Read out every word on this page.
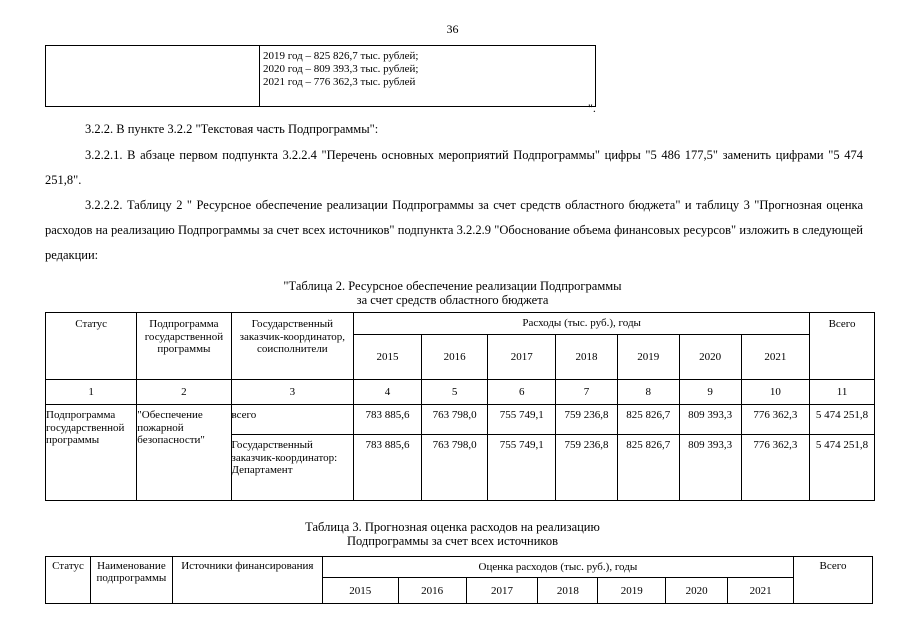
36

2019 год – 825 826,7 тыс. рублей;
2020 год – 809 393,3 тыс. рублей;
2021 год – 776 362,3 тыс. рублей
".
3.2.2. В пункте 3.2.2 "Текстовая часть Подпрограммы":
3.2.2.1. В абзаце первом подпункта 3.2.2.4 "Перечень основных мероприятий Подпрограммы" цифры "5 486 177,5" заменить цифрами "5 474 251,8".
3.2.2.2. Таблицу 2 " Ресурсное обеспечение реализации Подпрограммы за счет средств областного бюджета" и таблицу 3 "Прогнозная оценка расходов на реализацию Подпрограммы за счет всех источников" подпункта 3.2.2.9 "Обоснование объема финансовых ресурсов" изложить в следующей редакции:
"Таблица 2. Ресурсное обеспечение реализации Подпрограммы
за счет средств областного бюджета
Статус	Подпрограмма государственной программы	Государственный заказчик-координатор, соисполнители	Расходы (тыс. руб.), годы							Всего
			2015	2016	2017	2018	2019	2020	2021	
1	2	3	4	5	6	7	8	9	10	11
Подпрограмма государственной программы	"Обеспечение пожарной безопасности"	всего	783 885,6	763 798,0	755 749,1	759 236,8	825 826,7	809 393,3	776 362,3	5 474 251,8
		Государственный заказчик-координатор: Департамент	783 885,6	763 798,0	755 749,1	759 236,8	825 826,7	809 393,3	776 362,3	5 474 251,8
Таблица 3. Прогнозная оценка расходов на реализацию
Подпрограммы за счет всех источников
Статус	Наименование подпрограммы	Источники финансирования	Оценка расходов (тыс. руб.), годы							Всего
			2015	2016	2017	2018	2019	2020	2021	
